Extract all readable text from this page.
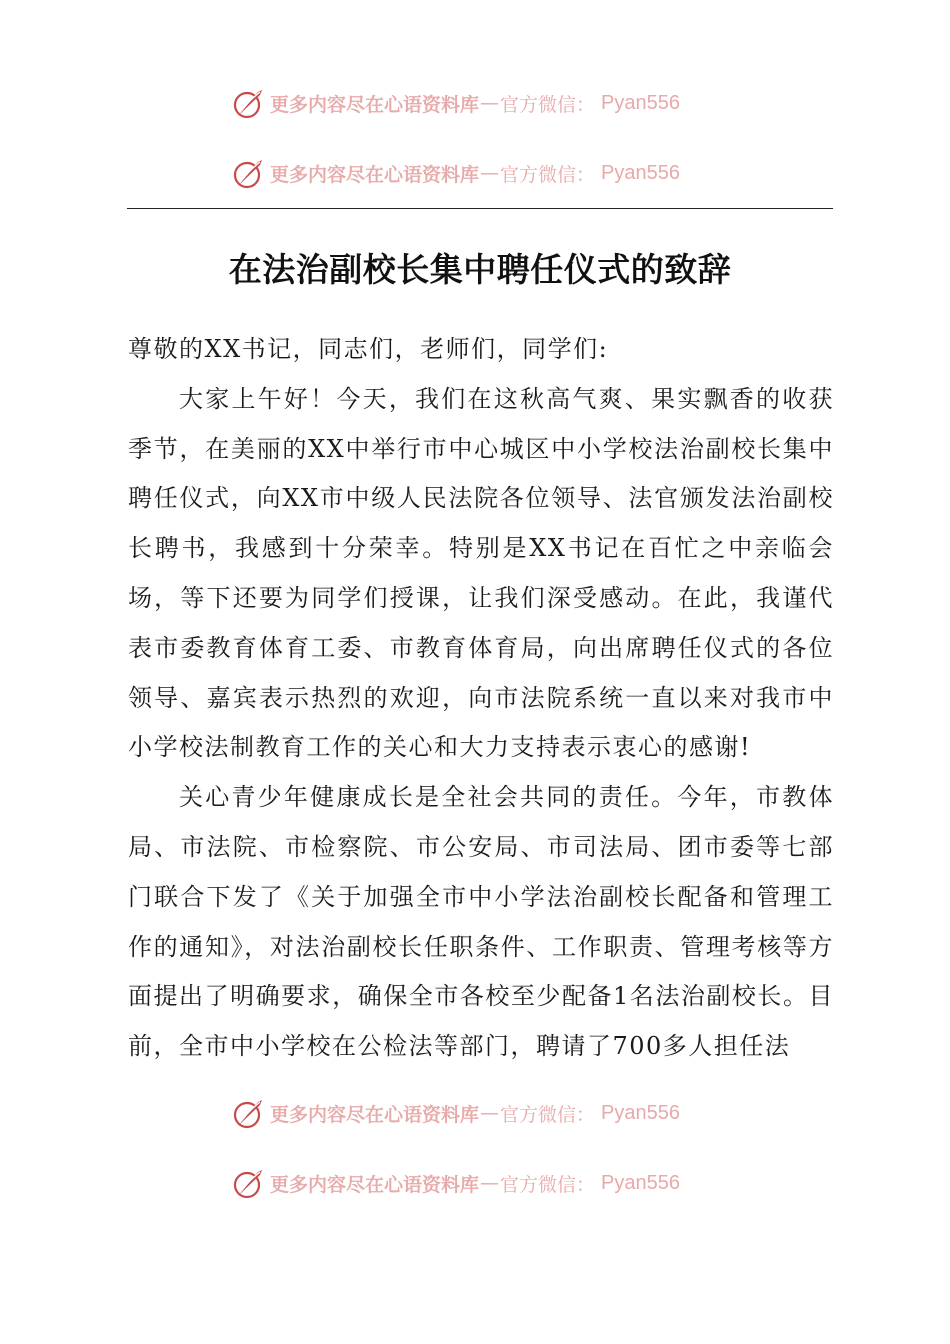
更多内容尽在心语资料库 — 官方微信： Pyan556
更多内容尽在心语资料库 — 官方微信： Pyan556
在法治副校长集中聘任仪式的致辞

尊敬的XX书记，同志们，老师们，同学们:

大家上午好！今天，我们在这秋高气爽、果实飘香的收获季节，在美丽的XX中举行市中心城区中小学校法治副校长集中聘任仪式，向XX市中级人民法院各位领导、法官颁发法治副校长聘书，我感到十分荣幸。特别是XX书记在百忙之中亲临会场，等下还要为同学们授课，让我们深受感动。在此，我谨代表市委教育体育工委、市教育体育局，向出席聘任仪式的各位领导、嘉宾表示热烈的欢迎，向市法院系统一直以来对我市中小学校法制教育工作的关心和大力支持表示衷心的感谢!

关心青少年健康成长是全社会共同的责任。今年，市教体局、市法院、市检察院、市公安局、市司法局、团市委等七部门联合下发了《关于加强全市中小学法治副校长配备和管理工作的通知》，对法治副校长任职条件、工作职责、管理考核等方面提出了明确要求，确保全市各校至少配备1名法治副校长。目前，全市中小学校在公检法等部门，聘请了700多人担任法

更多内容尽在心语资料库 — 官方微信： Pyan556
更多内容尽在心语资料库 — 官方微信： Pyan556
